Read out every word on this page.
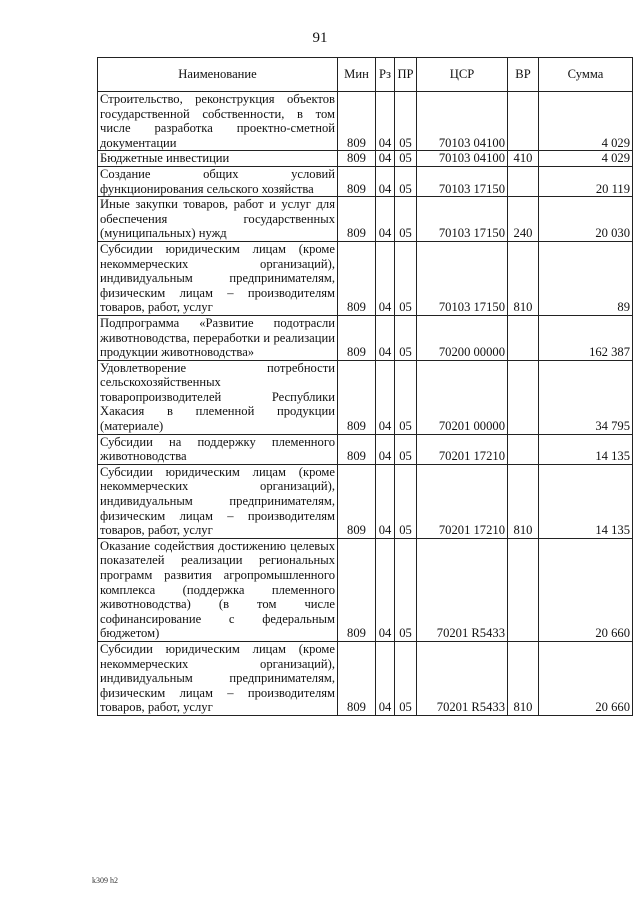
91
Наименование	Мин	Рз	ПР	ЦСР	ВР	Сумма
Строительство, реконструкция объектов государственной собственности, в том числе разработка проектно-сметной документации	809	04	05	70103 04100		4 029
Бюджетные инвестиции	809	04	05	70103 04100	410	4 029
Создание общих условий функционирования сельского хозяйства	809	04	05	70103 17150		20 119
Иные закупки товаров, работ и услуг для обеспечения государственных (муниципальных) нужд	809	04	05	70103 17150	240	20 030
Субсидии юридическим лицам (кроме некоммерческих организаций), индивидуальным предпринимателям, физическим лицам – производителям товаров, работ, услуг	809	04	05	70103 17150	810	89
Подпрограмма «Развитие подотрасли животноводства, переработки и реализации продукции животноводства»	809	04	05	70200 00000		162 387
Удовлетворение потребности сельскохозяйственных товаропроизводителей Республики Хакасия в племенной продукции (материале)	809	04	05	70201 00000		34 795
Субсидии на поддержку племенного животноводства	809	04	05	70201 17210		14 135
Субсидии юридическим лицам (кроме некоммерческих организаций), индивидуальным предпринимателям, физическим лицам – производителям товаров, работ, услуг	809	04	05	70201 17210	810	14 135
Оказание содействия достижению целевых показателей реализации региональных программ развития агропромышленного комплекса (поддержка племенного животноводства) (в том числе софинансирование с федеральным бюджетом)	809	04	05	70201 R5433		20 660
Субсидии юридическим лицам (кроме некоммерческих организаций), индивидуальным предпринимателям, физическим лицам – производителям товаров, работ, услуг	809	04	05	70201 R5433	810	20 660
k309 h2
